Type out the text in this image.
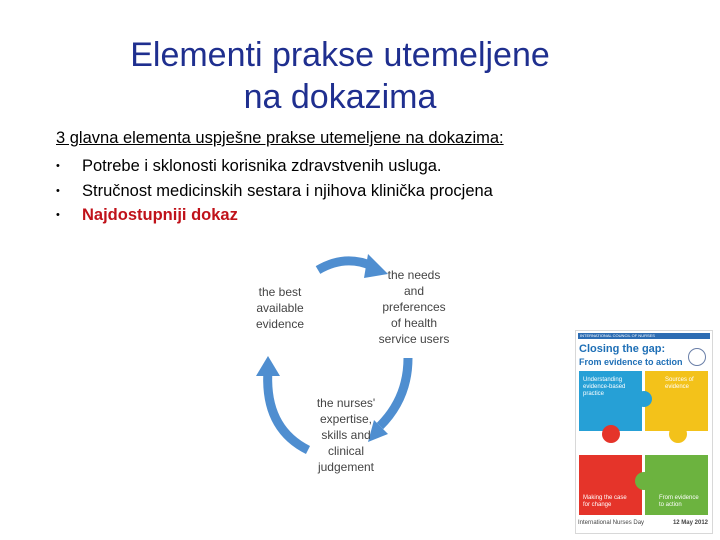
Elementi prakse utemeljene
na dokazima
3 glavna elementa uspješne prakse utemeljene na dokazima:
• Potrebe i sklonosti korisnika zdravstvenih usluga.
• Stručnost medicinskih sestara i njihova klinička procjena
• Najdostupniji dokaz
the best
available
evidence
the needs
and
preferences
of health
service users
the nurses'
expertise,
skills and
clinical
judgement
INTERNATIONAL COUNCIL OF NURSES
Closing the gap:
From evidence to action
Understanding evidence-based practice
Sources of evidence
Making the case for change
From evidence to action
International Nurses Day	12 May 2012
